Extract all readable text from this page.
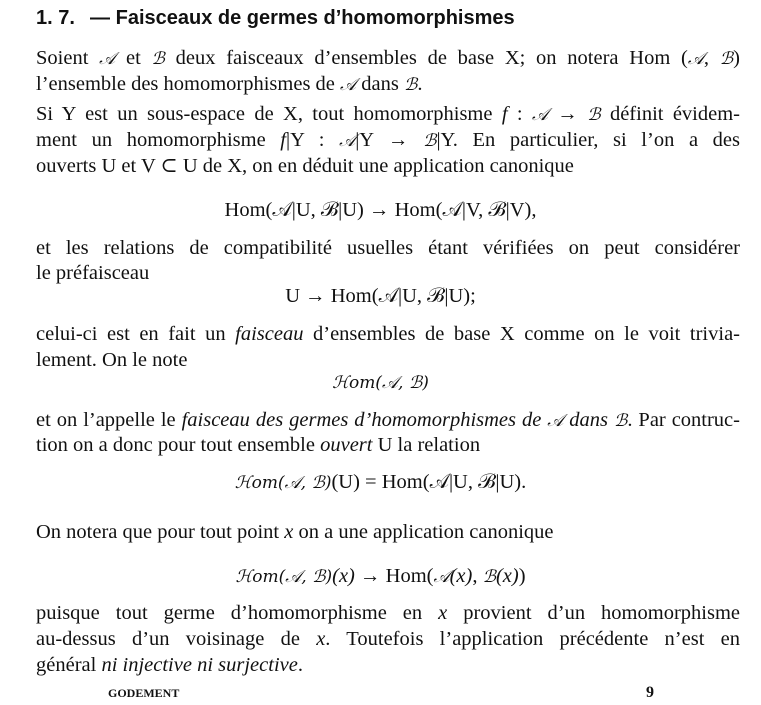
1. 7. — Faisceaux de germes d’homomorphismes
Soient 𝒜 et ℬ deux faisceaux d’ensembles de base X; on notera Hom (𝒜, ℬ)
l’ensemble des homomorphismes de 𝒜 dans ℬ.
Si Y est un sous-espace de X, tout homomorphisme f : 𝒜 → ℬ définit évidem-
ment un homomorphisme f|Y : 𝒜|Y → ℬ|Y. En particulier, si l’on a des
ouverts U et V ⊂ U de X, on en déduit une application canonique
Hom(𝒜|U, ℬ|U) → Hom(𝒜|V, ℬ|V),
et les relations de compatibilité usuelles étant vérifiées on peut considérer
le préfaisceau
U → Hom(𝒜|U, ℬ|U);
celui-ci est en fait un faisceau d’ensembles de base X comme on le voit trivia-
lement. On le note
ℋom(𝒜, ℬ)
et on l’appelle le faisceau des germes d’homomorphismes de 𝒜 dans ℬ. Par contruc-
tion on a donc pour tout ensemble ouvert U la relation
ℋom(𝒜, ℬ)(U) = Hom(𝒜|U, ℬ|U).
On notera que pour tout point x on a une application canonique
ℋom(𝒜, ℬ)(x) → Hom(𝒜(x), ℬ(x))
puisque tout germe d’homomorphisme en x provient d’un homomorphisme
au-dessus d’un voisinage de x. Toutefois l’application précédente n’est en
général ni injective ni surjective.
GODEMENT	9
